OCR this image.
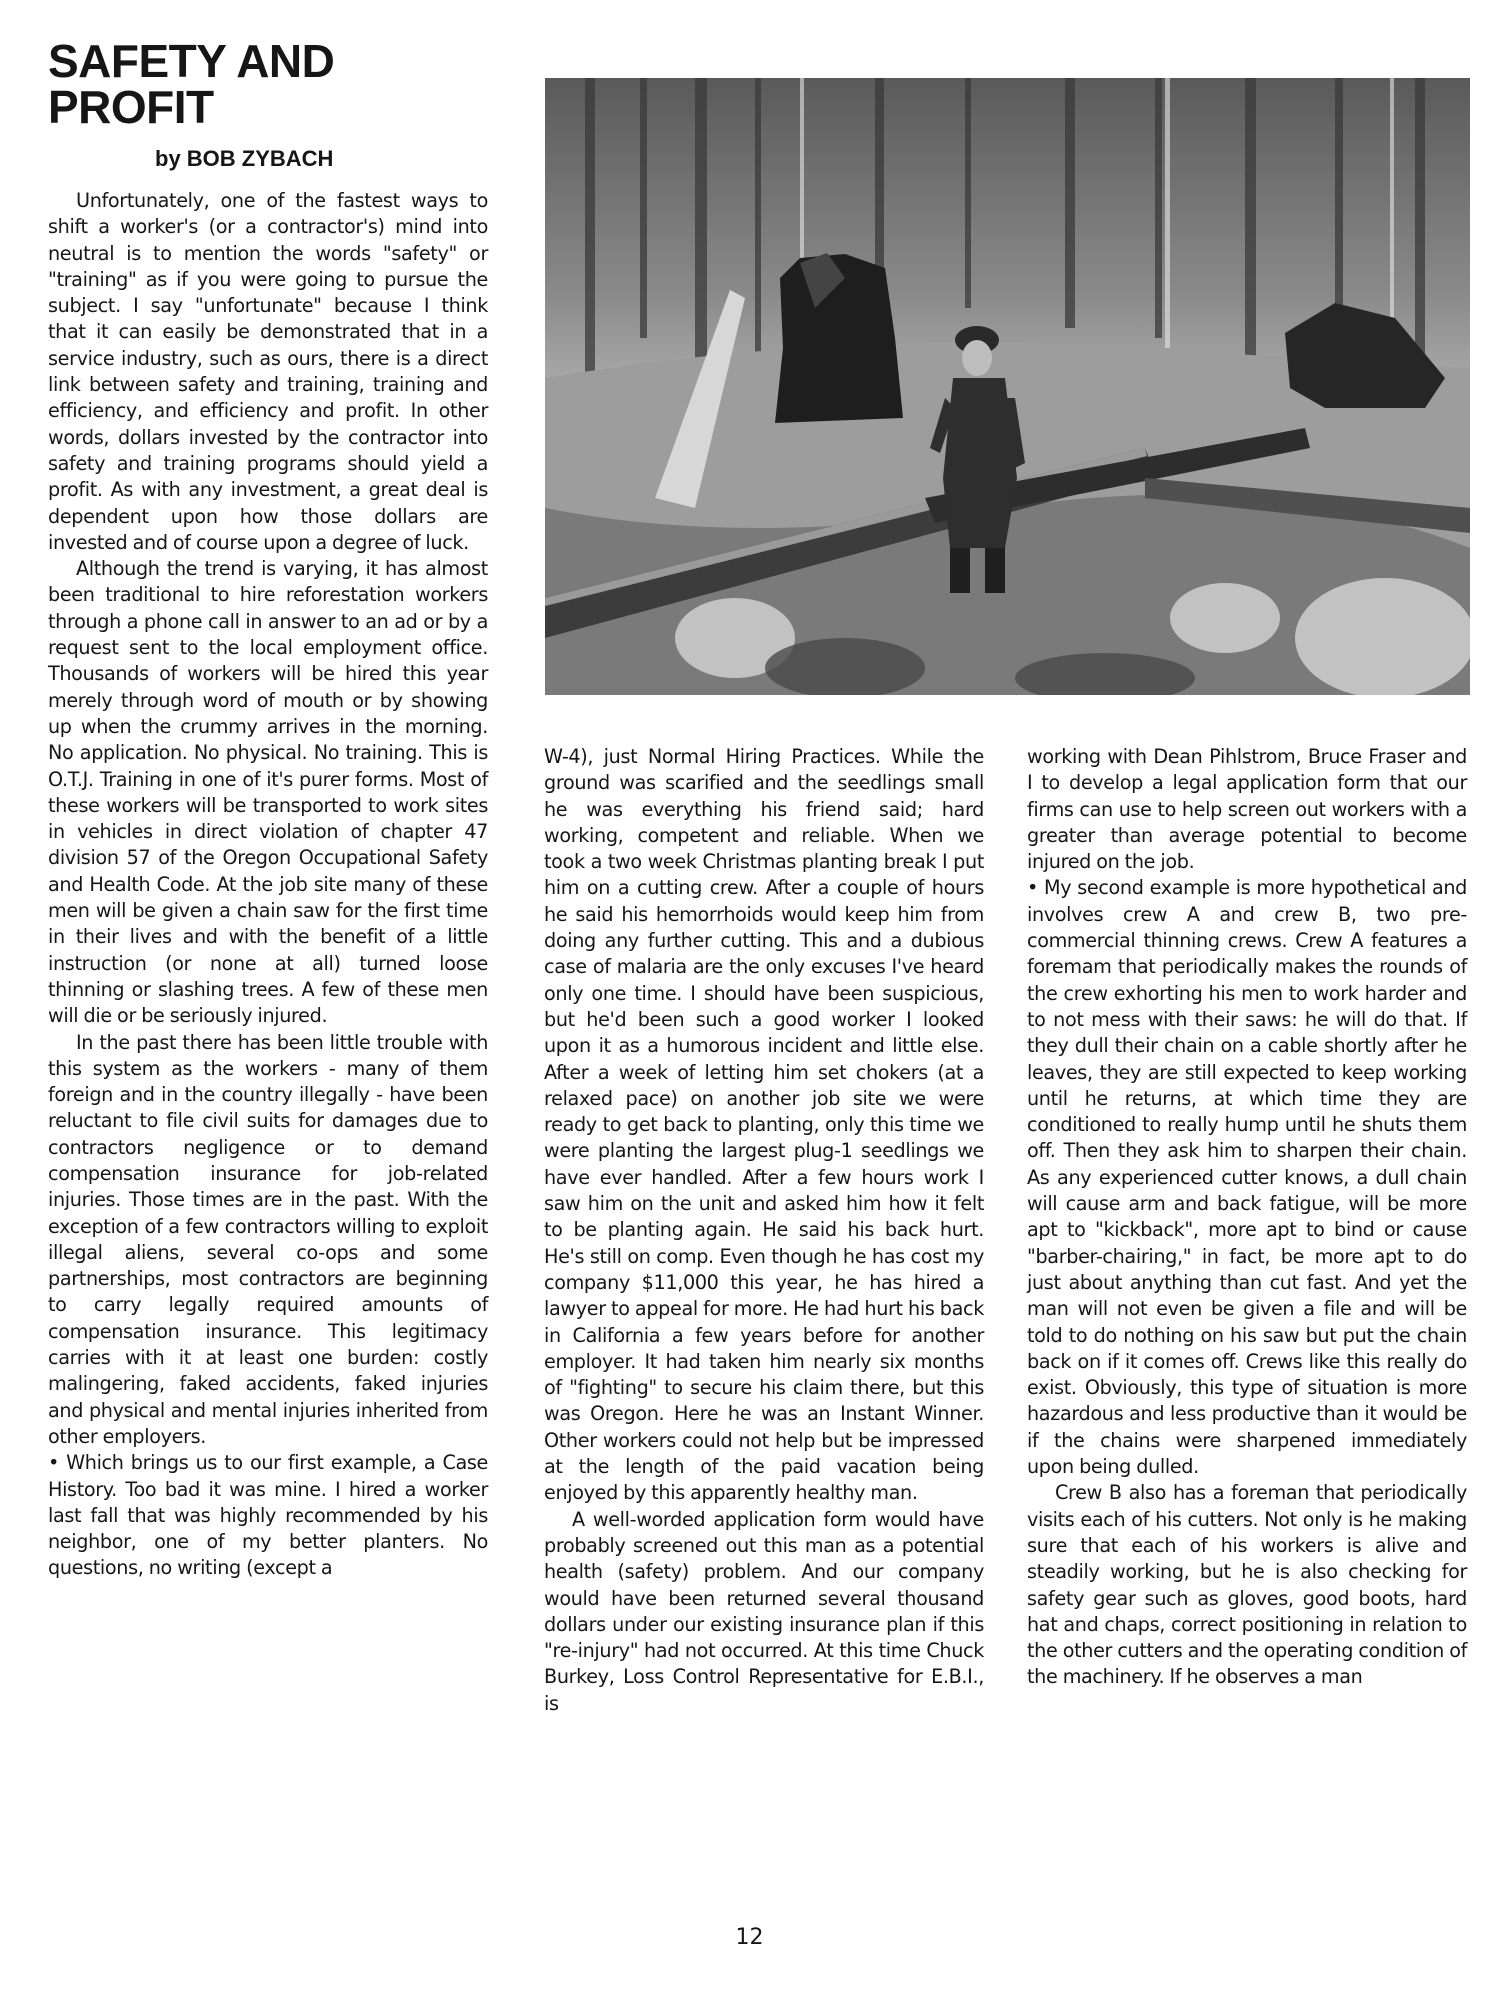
SAFETY AND PROFIT
by BOB ZYBACH

Unfortunately, one of the fastest ways to shift a worker's (or a contractor's) mind into neutral is to mention the words "safety" or "training" as if you were going to pursue the subject. I say "unfortunate" because I think that it can easily be demonstrated that in a service industry, such as ours, there is a direct link between safety and training, training and efficiency, and efficiency and profit. In other words, dollars invested by the contractor into safety and training programs should yield a profit. As with any investment, a great deal is dependent upon how those dollars are invested and of course upon a degree of luck.

Although the trend is varying, it has almost been traditional to hire reforestation workers through a phone call in answer to an ad or by a request sent to the local employment office. Thousands of workers will be hired this year merely through word of mouth or by showing up when the crummy arrives in the morning. No application. No physical. No training. This is O.T.J. Training in one of it's purer forms. Most of these workers will be transported to work sites in vehicles in direct violation of chapter 47 division 57 of the Oregon Occupational Safety and Health Code. At the job site many of these men will be given a chain saw for the first time in their lives and with the benefit of a little instruction (or none at all) turned loose thinning or slashing trees. A few of these men will die or be seriously injured.

In the past there has been little trouble with this system as the workers - many of them foreign and in the country illegally - have been reluctant to file civil suits for damages due to contractors negligence or to demand compensation insurance for job-related injuries. Those times are in the past. With the exception of a few contractors willing to exploit illegal aliens, several co-ops and some partnerships, most contractors are beginning to carry legally required amounts of compensation insurance. This legitimacy carries with it at least one burden: costly malingering, faked accidents, faked injuries and physical and mental injuries inherited from other employers.

• Which brings us to our first example, a Case History. Too bad it was mine. I hired a worker last fall that was highly recommended by his neighbor, one of my better planters. No questions, no writing (except a

W-4), just Normal Hiring Practices. While the ground was scarified and the seedlings small he was everything his friend said; hard working, competent and reliable. When we took a two week Christmas planting break I put him on a cutting crew. After a couple of hours he said his hemorrhoids would keep him from doing any further cutting. This and a dubious case of malaria are the only excuses I've heard only one time. I should have been suspicious, but he'd been such a good worker I looked upon it as a humorous incident and little else. After a week of letting him set chokers (at a relaxed pace) on another job site we were ready to get back to planting, only this time we were planting the largest plug-1 seedlings we have ever handled. After a few hours work I saw him on the unit and asked him how it felt to be planting again. He said his back hurt. He's still on comp. Even though he has cost my company $11,000 this year, he has hired a lawyer to appeal for more. He had hurt his back in California a few years before for another employer. It had taken him nearly six months of "fighting" to secure his claim there, but this was Oregon. Here he was an Instant Winner. Other workers could not help but be impressed at the length of the paid vacation being enjoyed by this apparently healthy man.

A well-worded application form would have probably screened out this man as a potential health (safety) problem. And our company would have been returned several thousand dollars under our existing insurance plan if this "re-injury" had not occurred. At this time Chuck Burkey, Loss Control Representative for E.B.I., is

working with Dean Pihlstrom, Bruce Fraser and I to develop a legal application form that our firms can use to help screen out workers with a greater than average potential to become injured on the job.

• My second example is more hypothetical and involves crew A and crew B, two pre-commercial thinning crews. Crew A features a foremam that periodically makes the rounds of the crew exhorting his men to work harder and to not mess with their saws: he will do that. If they dull their chain on a cable shortly after he leaves, they are still expected to keep working until he returns, at which time they are conditioned to really hump until he shuts them off. Then they ask him to sharpen their chain. As any experienced cutter knows, a dull chain will cause arm and back fatigue, will be more apt to "kickback", more apt to bind or cause "barber-chairing," in fact, be more apt to do just about anything than cut fast. And yet the man will not even be given a file and will be told to do nothing on his saw but put the chain back on if it comes off. Crews like this really do exist. Obviously, this type of situation is more hazardous and less productive than it would be if the chains were sharpened immediately upon being dulled.

Crew B also has a foreman that periodically visits each of his cutters. Not only is he making sure that each of his workers is alive and steadily working, but he is also checking for safety gear such as gloves, good boots, hard hat and chaps, correct positioning in relation to the other cutters and the operating condition of the machinery. If he observes a man

12
